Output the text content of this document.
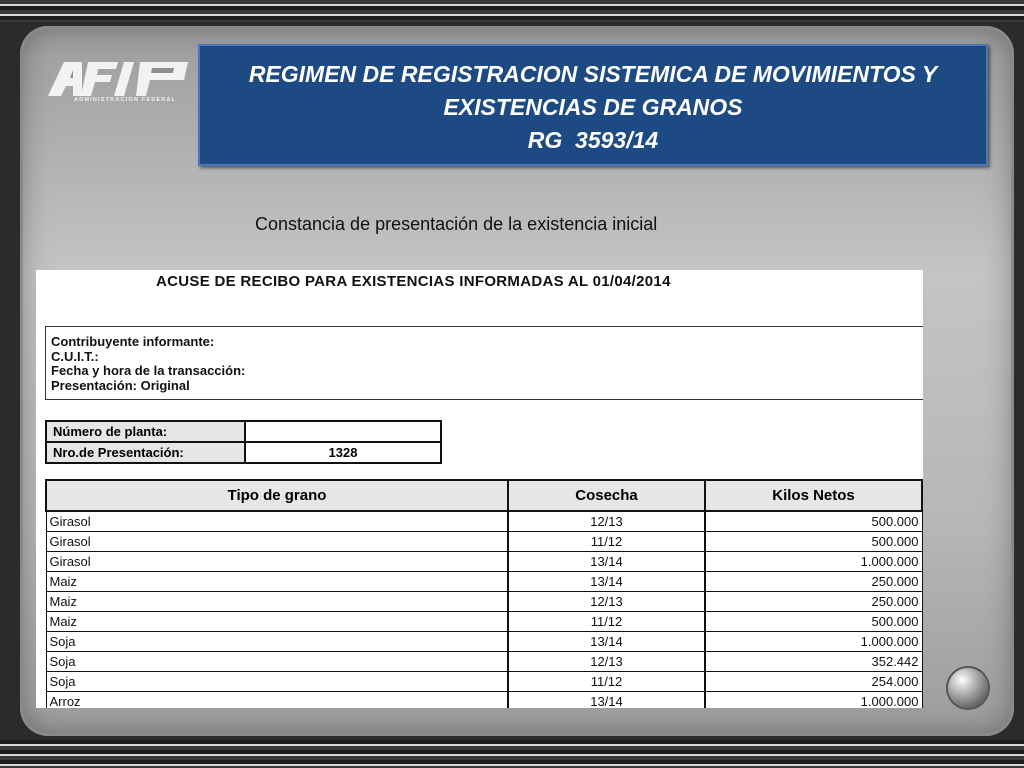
ADMINISTRACION FEDERAL
REGIMEN DE REGISTRACION SISTEMICA DE MOVIMIENTOS Y
EXISTENCIAS DE GRANOS
RG  3593/14
Constancia de presentación de la existencia inicial
ACUSE DE RECIBO PARA EXISTENCIAS INFORMADAS AL 01/04/2014
Contribuyente informante:
C.U.I.T.:
Fecha y hora de la transacción:
Presentación: Original
Número de planta:	
Nro.de Presentación:	1328
Tipo de grano	Cosecha	Kilos Netos
Girasol	12/13	500.000
Girasol	11/12	500.000
Girasol	13/14	1.000.000
Maiz	13/14	250.000
Maiz	12/13	250.000
Maiz	11/12	500.000
Soja	13/14	1.000.000
Soja	12/13	352.442
Soja	11/12	254.000
Arroz	13/14	1.000.000
